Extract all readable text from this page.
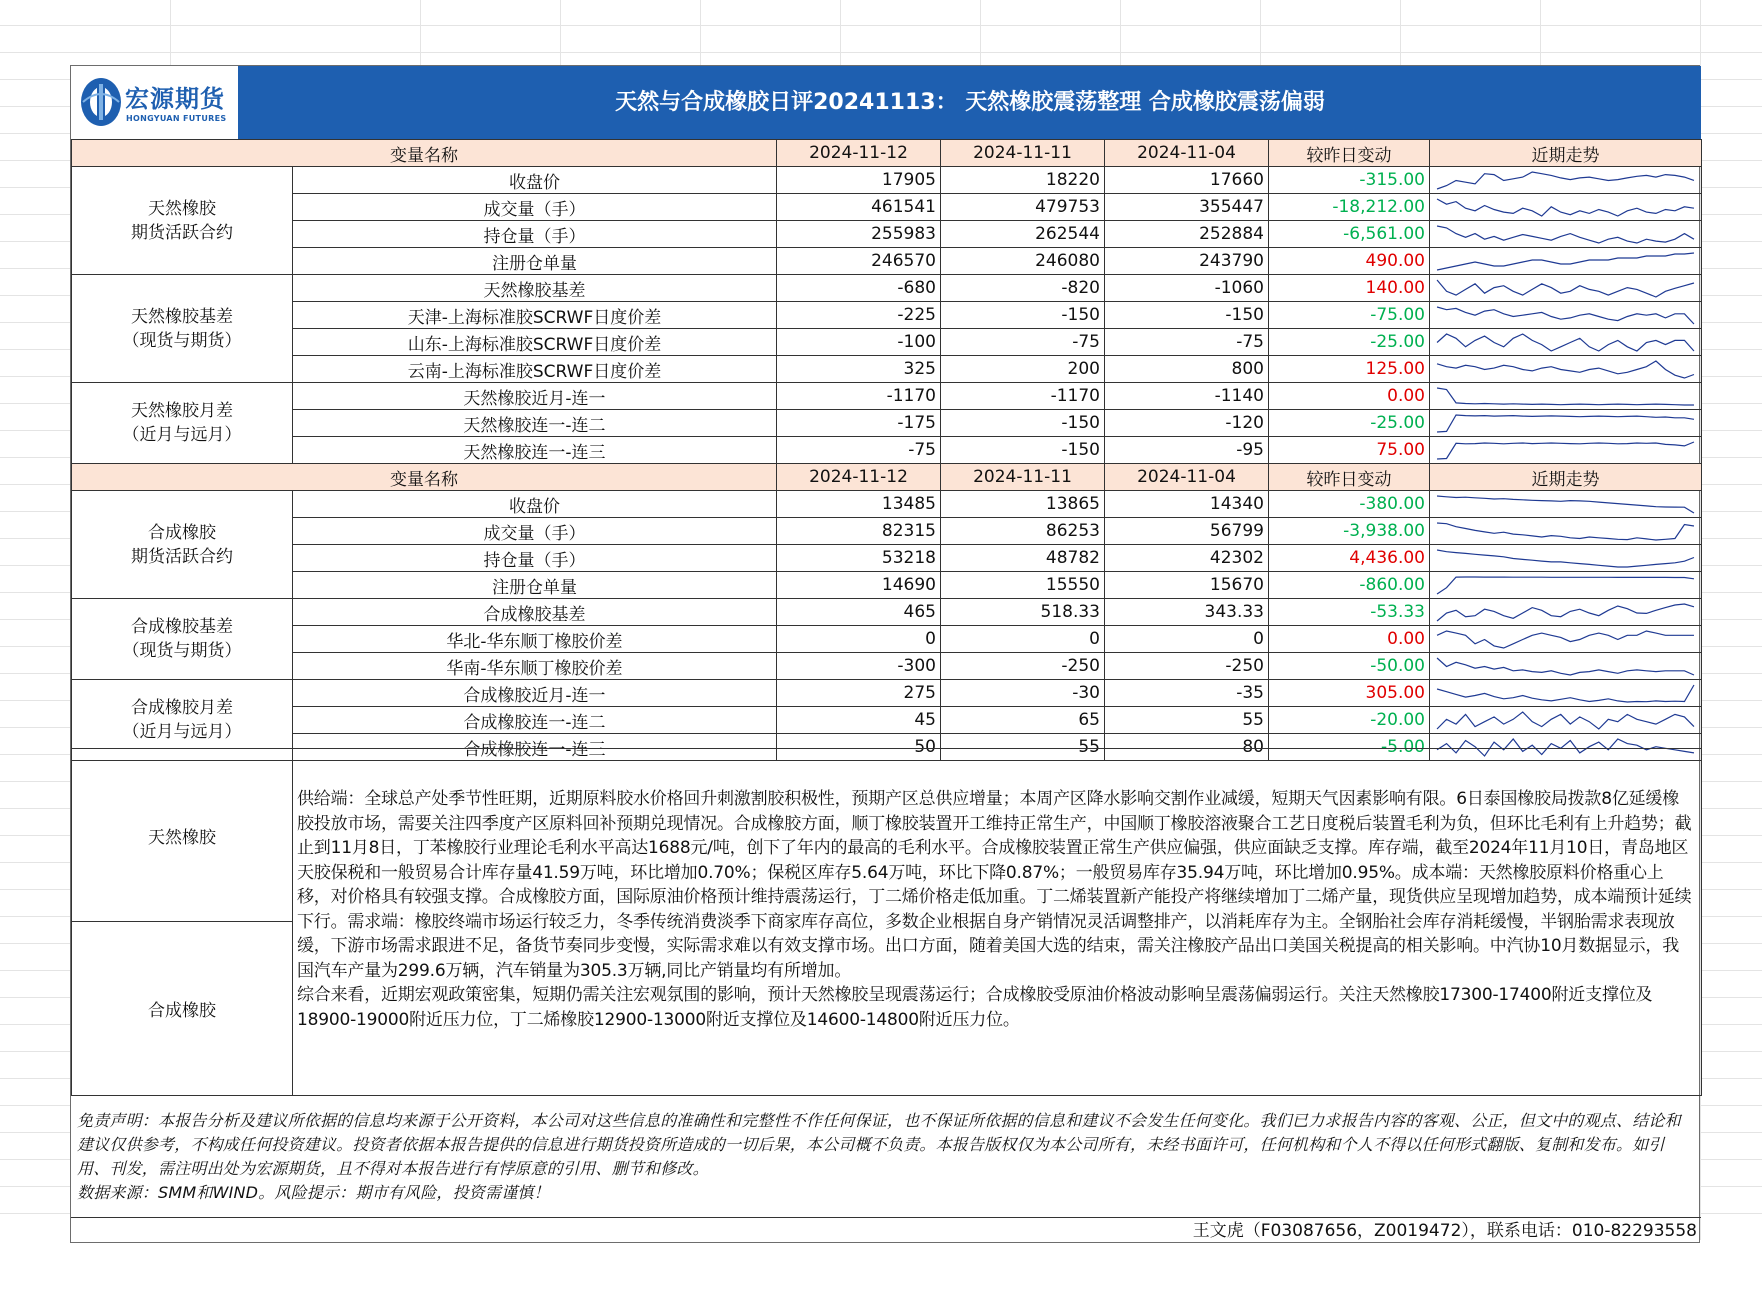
宏源期货
HONGYUAN FUTURES
天然与合成橡胶日评20241113： 天然橡胶震荡整理 合成橡胶震荡偏弱
变量名称		2024-11-12	2024-11-11	2024-11-04	较昨日变动	近期走势
天然橡胶
期货活跃合约	收盘价	17905	18220	17660	-315.00	

	成交量（手）	461541	479753	355447	-18,212.00	

	持仓量（手）	255983	262544	252884	-6,561.00	

	注册仓单量	246570	246080	243790	490.00	

天然橡胶基差
（现货与期货）	天然橡胶基差	-680	-820	-1060	140.00	

	天津-上海标准胶SCRWF日度价差	-225	-150	-150	-75.00	

	山东-上海标准胶SCRWF日度价差	-100	-75	-75	-25.00	

	云南-上海标准胶SCRWF日度价差	325	200	800	125.00	

天然橡胶月差
（近月与远月）	天然橡胶近月-连一	-1170	-1170	-1140	0.00	

	天然橡胶连一-连二	-175	-150	-120	-25.00	

	天然橡胶连一-连三	-75	-150	-95	75.00	

变量名称		2024-11-12	2024-11-11	2024-11-04	较昨日变动	近期走势
合成橡胶
期货活跃合约	收盘价	13485	13865	14340	-380.00	

	成交量（手）	82315	86253	56799	-3,938.00	

	持仓量（手）	53218	48782	42302	4,436.00	

	注册仓单量	14690	15550	15670	-860.00	

合成橡胶基差
（现货与期货）	合成橡胶基差	465	518.33	343.33	-53.33	

	华北-华东顺丁橡胶价差	0	0	0	0.00	

	华南-华东顺丁橡胶价差	-300	-250	-250	-50.00	

合成橡胶月差
（近月与远月）	合成橡胶近月-连一	275	-30	-35	305.00	

	合成橡胶连一-连二	45	65	55	-20.00	

	合成橡胶连一-连三	50	55	80	-5.00	
天然橡胶	供给端：全球总产处季节性旺期，近期原料胶水价格回升刺激割胶积极性，预期产区总供应增量；本周产区降水影响交割作业减缓，短期天气因素影响有限。6日泰国橡胶局拨款8亿延缓橡胶投放市场，需要关注四季度产区原料回补预期兑现情况。合成橡胶方面，顺丁橡胶装置开工维持正常生产，中国顺丁橡胶溶液聚合工艺日度税后装置毛利为负，但环比毛利有上升趋势；截止到11月8日，丁苯橡胶行业理论毛利水平高达1688元/吨，创下了年内的最高的毛利水平。合成橡胶装置正常生产供应偏强，供应面缺乏支撑。库存端，截至2024年11月10日，青岛地区天胶保税和一般贸易合计库存量41.59万吨，环比增加0.70%；保税区库存5.64万吨，环比下降0.87%；一般贸易库存35.94万吨，环比增加0.95%。成本端：天然橡胶原料价格重心上移，对价格具有较强支撑。合成橡胶方面，国际原油价格预计维持震荡运行，丁二烯价格走低加重。丁二烯装置新产能投产将继续增加丁二烯产量，现货供应呈现增加趋势，成本端预计延续下行。需求端：橡胶终端市场运行较乏力，冬季传统消费淡季下商家库存高位，多数企业根据自身产销情况灵活调整排产，以消耗库存为主。全钢胎社会库存消耗缓慢，半钢胎需求表现放缓，下游市场需求跟进不足，备货节奏同步变慢，实际需求难以有效支撑市场。出口方面，随着美国大选的结束，需关注橡胶产品出口美国关税提高的相关影响。中汽协10月数据显示，我国汽车产量为299.6万辆，汽车销量为305.3万辆,同比产销量均有所增加。
综合来看，近期宏观政策密集，短期仍需关注宏观氛围的影响，预计天然橡胶呈现震荡运行；合成橡胶受原油价格波动影响呈震荡偏弱运行。关注天然橡胶17300-17400附近支撑位及18900-19000附近压力位，丁二烯橡胶12900-13000附近支撑位及14600-14800附近压力位。
合成橡胶
免责声明：本报告分析及建议所依据的信息均来源于公开资料，本公司对这些信息的准确性和完整性不作任何保证，也不保证所依据的信息和建议不会发生任何变化。我们已力求报告内容的客观、公正，但文中的观点、结论和建议仅供参考，不构成任何投资建议。投资者依据本报告提供的信息进行期货投资所造成的一切后果，本公司概不负责。本报告版权仅为本公司所有，未经书面许可，任何机构和个人不得以任何形式翻版、复制和发布。如引用、刊发，需注明出处为宏源期货，且不得对本报告进行有悖原意的引用、删节和修改。
数据来源：SMM和WIND。风险提示：期市有风险，投资需谨慎！
王文虎（F03087656，Z0019472），联系电话：010-82293558
